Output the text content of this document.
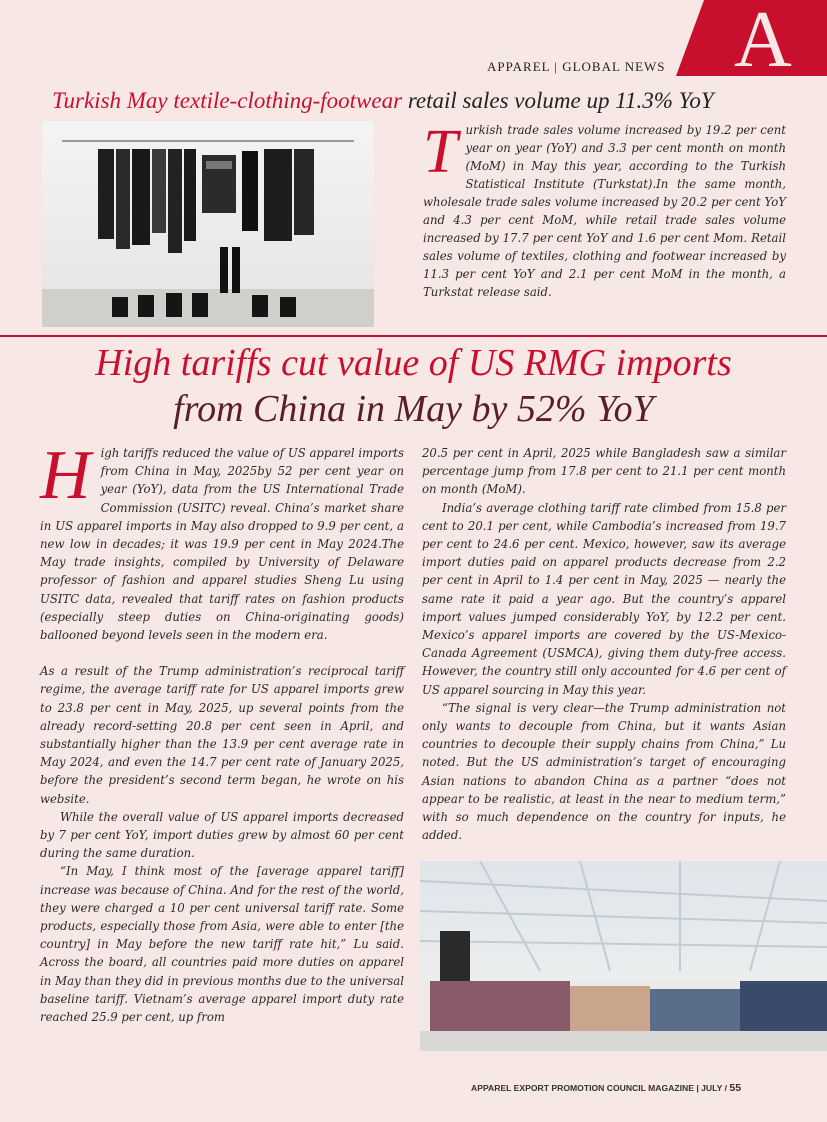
A
APPAREL | GLOBAL NEWS
Turkish May textile-clothing-footwear retail sales volume up 11.3% YoY

Turkish trade sales volume increased by 19.2 per cent year on year (YoY) and 3.3 per cent month on month (MoM) in May this year, according to the Turkish Statistical Institute (Turkstat).In the same month, wholesale trade sales volume increased by 20.2 per cent YoY and 4.3 per cent MoM, while retail trade sales volume increased by 17.7 per cent YoY and 1.6 per cent Mom. Retail sales volume of textiles, clothing and footwear increased by 11.3 per cent YoY and 2.1 per cent MoM in the month, a Turkstat release said.

High tariffs cut value of US RMG imports
from China in May by 52% YoY

High tariffs reduced the value of US apparel imports from China in May, 2025by 52 per cent year on year (YoY), data from the US International Trade Commission (USITC) reveal. China’s market share in US apparel imports in May also dropped to 9.9 per cent, a new low in decades; it was 19.9 per cent in May 2024.The May trade insights, compiled by University of Delaware professor of fashion and apparel studies Sheng Lu using USITC data, revealed that tariff rates on fashion products (especially steep duties on China-originating goods) ballooned beyond levels seen in the modern era.

As a result of the Trump administration’s reciprocal tariff regime, the average tariff rate for US apparel imports grew to 23.8 per cent in May, 2025, up several points from the already record-setting 20.8 per cent seen in April, and substantially higher than the 13.9 per cent average rate in May 2024, and even the 14.7 per cent rate of January 2025, before the president’s second term began, he wrote on his website.

While the overall value of US apparel imports decreased by 7 per cent YoY, import duties grew by almost 60 per cent during the same duration.

“In May, I think most of the [average apparel tariff] increase was because of China. And for the rest of the world, they were charged a 10 per cent universal tariff rate. Some products, especially those from Asia, were able to enter [the country] in May before the new tariff rate hit,” Lu said. Across the board, all countries paid more duties on apparel in May than they did in previous months due to the universal baseline tariff. Vietnam’s average apparel import duty rate reached 25.9 per cent, up from

20.5 per cent in April, 2025 while Bangladesh saw a similar percentage jump from 17.8 per cent to 21.1 per cent month on month (MoM).

India’s average clothing tariff rate climbed from 15.8 per cent to 20.1 per cent, while Cambodia’s increased from 19.7 per cent to 24.6 per cent. Mexico, however, saw its average import duties paid on apparel products decrease from 2.2 per cent in April to 1.4 per cent in May, 2025 — nearly the same rate it paid a year ago. But the country’s apparel import values jumped considerably YoY, by 12.2 per cent. Mexico’s apparel imports are covered by the US-Mexico-Canada Agreement (USMCA), giving them duty-free access. However, the country still only accounted for 4.6 per cent of US apparel sourcing in May this year.

“The signal is very clear—the Trump administration not only wants to decouple from China, but it wants Asian countries to decouple their supply chains from China,” Lu noted. But the US administration’s target of encouraging Asian nations to abandon China as a partner “does not appear to be realistic, at least in the near to medium term,” with so much dependence on the country for inputs, he added.

APPAREL EXPORT PROMOTION COUNCIL MAGAZINE | JULY / 55
